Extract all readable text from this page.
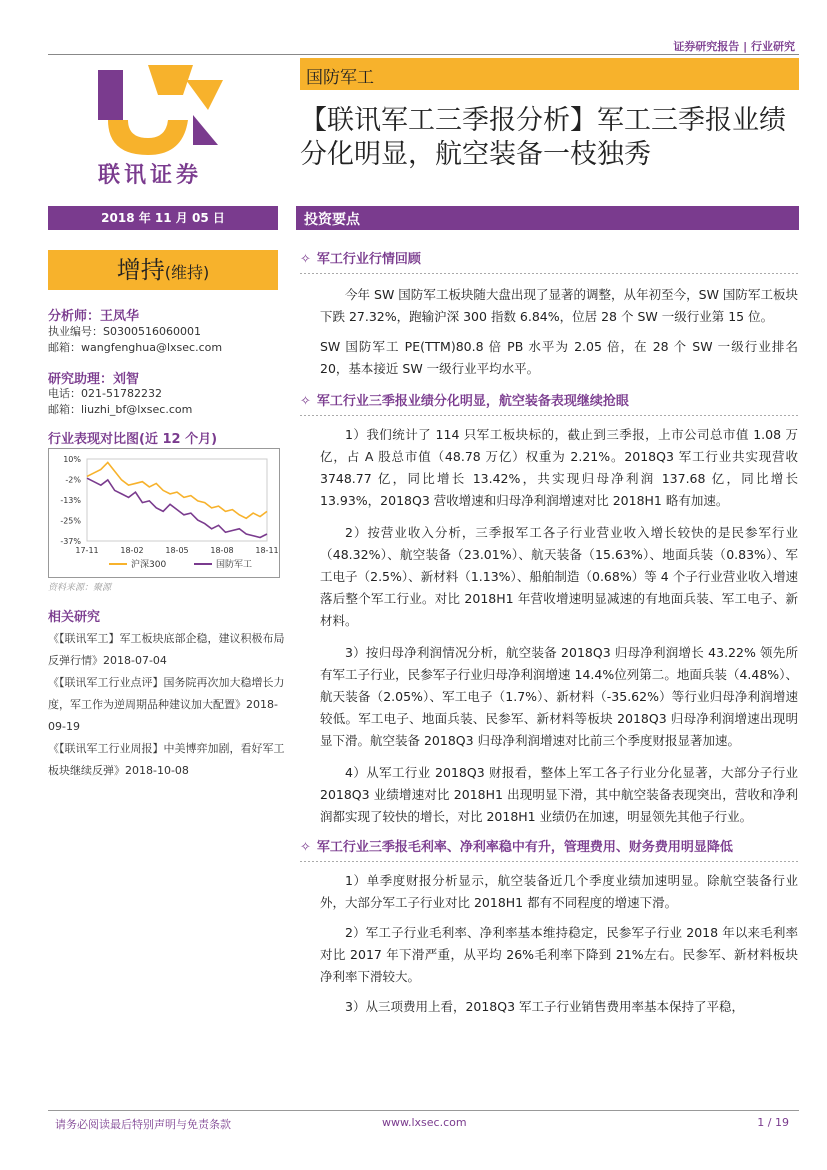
证券研究报告 | 行业研究
联讯证券
国防军工
【联讯军工三季报分析】军工三季报业绩分化明显，航空装备一枝独秀
2018 年 11 月 05 日	投资要点
增持(维持)
分析师：王凤华
执业编号：S0300516060001
邮箱：wangfenghua@lxsec.com
研究助理：刘智
电话：021-51782232
邮箱：liuzhi_bf@lxsec.com
行业表现对比图(近 12 个月)
10%
-2%
-13%
-25%
-37%
17-11	18-02	18-05	18-08	18-11
沪深300	国防军工
资料来源：聚源
相关研究

《【联讯军工】军工板块底部企稳，建议积极布局反弹行情》2018-07-04

《【联讯军工行业点评】国务院再次加大稳增长力度，军工作为逆周期品种建议加大配置》2018-09-19

《【联讯军工行业周报】中美博弈加剧，看好军工板块继续反弹》2018-10-08

✧ 军工行业行情回顾
今年 SW 国防军工板块随大盘出现了显著的调整，从年初至今，SW 国防军工板块下跌 27.32%，跑输沪深 300 指数 6.84%，位居 28 个 SW 一级行业第 15 位。
SW 国防军工 PE(TTM)80.8 倍 PB 水平为 2.05 倍，在 28 个 SW 一级行业排名 20，基本接近 SW 一级行业平均水平。
✧ 军工行业三季报业绩分化明显，航空装备表现继续抢眼
1）我们统计了 114 只军工板块标的，截止到三季报，上市公司总市值 1.08 万亿，占 A 股总市值（48.78 万亿）权重为 2.21%。2018Q3 军工行业共实现营收 3748.77 亿，同比增长 13.42%，共实现归母净利润 137.68 亿，同比增长 13.93%，2018Q3 营收增速和归母净利润增速对比 2018H1 略有加速。
2）按营业收入分析，三季报军工各子行业营业收入增长较快的是民参军行业（48.32%）、航空装备（23.01%）、航天装备（15.63%）、地面兵装（0.83%）、军工电子（2.5%）、新材料（1.13%）、船舶制造（0.68%）等 4 个子行业营业收入增速落后整个军工行业。对比 2018H1 年营收增速明显减速的有地面兵装、军工电子、新材料。
3）按归母净利润情况分析，航空装备 2018Q3 归母净利润增长 43.22% 领先所有军工子行业，民参军子行业归母净利润增速 14.4%位列第二。地面兵装（4.48%）、航天装备（2.05%）、军工电子（1.7%）、新材料（-35.62%）等行业归母净利润增速较低。军工电子、地面兵装、民参军、新材料等板块 2018Q3 归母净利润增速出现明显下滑。航空装备 2018Q3 归母净利润增速对比前三个季度财报显著加速。
4）从军工行业 2018Q3 财报看，整体上军工各子行业分化显著，大部分子行业 2018Q3 业绩增速对比 2018H1 出现明显下滑，其中航空装备表现突出，营收和净利润都实现了较快的增长，对比 2018H1 业绩仍在加速，明显领先其他子行业。
✧ 军工行业三季报毛利率、净利率稳中有升，管理费用、财务费用明显降低
1）单季度财报分析显示，航空装备近几个季度业绩加速明显。除航空装备行业外，大部分军工子行业对比 2018H1 都有不同程度的增速下滑。
2）军工子行业毛利率、净利率基本维持稳定，民参军子行业 2018 年以来毛利率对比 2017 年下滑严重，从平均 26%毛利率下降到 21%左右。民参军、新材料板块净利率下滑较大。
3）从三项费用上看，2018Q3 军工子行业销售费用率基本保持了平稳，
请务必阅读最后特别声明与免责条款	www.lxsec.com	1 / 19
